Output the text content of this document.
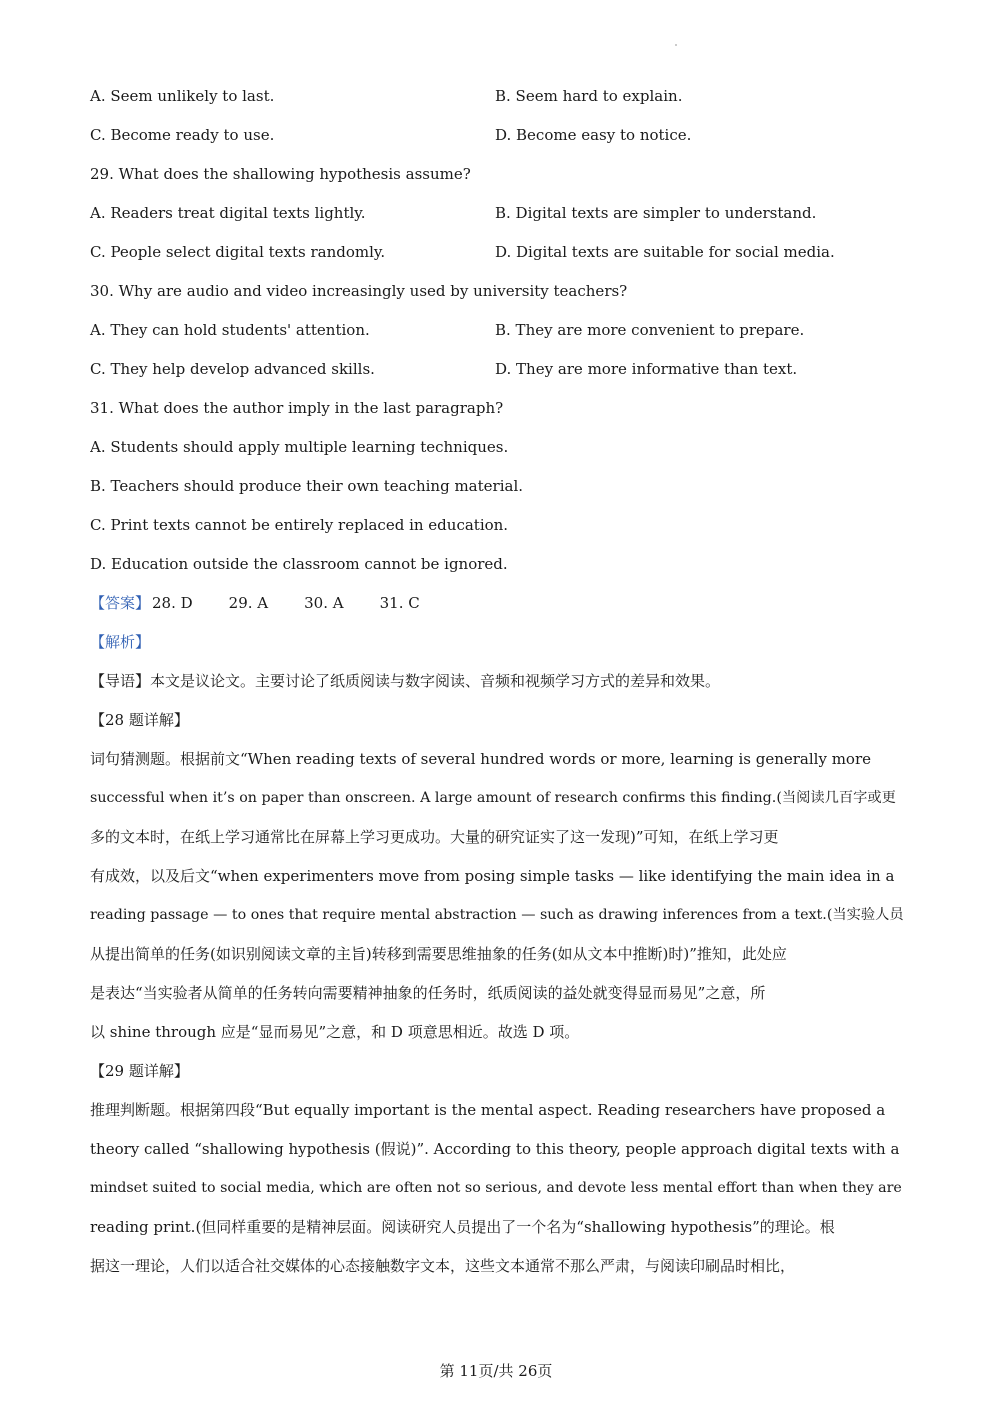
A. Seem unlikely to last.	B. Seem hard to explain.
C. Become ready to use.	D. Become easy to notice.
29. What does the shallowing hypothesis assume?
A. Readers treat digital texts lightly.	B. Digital texts are simpler to understand.
C. People select digital texts randomly.	D. Digital texts are suitable for social media.
30. Why are audio and video increasingly used by university teachers?
A. They can hold students' attention.	B. They are more convenient to prepare.
C. They help develop advanced skills.	D. They are more informative than text.
31. What does the author imply in the last paragraph?
A. Students should apply multiple learning techniques.
B. Teachers should produce their own teaching material.
C. Print texts cannot be entirely replaced in education.
D. Education outside the classroom cannot be ignored.
【答案】 28. D 29. A 30. A 31. C
【解析】
【导语】本文是议论文。主要讨论了纸质阅读与数字阅读、音频和视频学习方式的差异和效果。
【28 题详解】
词句猜测题。根据前文“When reading texts of several hundred words or more, learning is generally more
successful when it’s on paper than onscreen. A large amount of research confirms this finding.(当阅读几百字或更
多的文本时，在纸上学习通常比在屏幕上学习更成功。大量的研究证实了这一发现)”可知，在纸上学习更
有成效，以及后文“when experimenters move from posing simple tasks — like identifying the main idea in a
reading passage — to ones that require mental abstraction — such as drawing inferences from a text.(当实验人员
从提出简单的任务(如识别阅读文章的主旨)转移到需要思维抽象的任务(如从文本中推断)时)”推知，此处应
是表达“当实验者从简单的任务转向需要精神抽象的任务时，纸质阅读的益处就变得显而易见”之意，所
以 shine through 应是“显而易见”之意，和 D 项意思相近。故选 D 项。
【29 题详解】
推理判断题。根据第四段“But equally important is the mental aspect. Reading researchers have proposed a
theory called “shallowing hypothesis (假说)”. According to this theory, people approach digital texts with a
mindset suited to social media, which are often not so serious, and devote less mental effort than when they are
reading print.(但同样重要的是精神层面。阅读研究人员提出了一个名为“shallowing hypothesis”的理论。根
据这一理论，人们以适合社交媒体的心态接触数字文本，这些文本通常不那么严肃，与阅读印刷品时相比，
第 11页/共 26页
